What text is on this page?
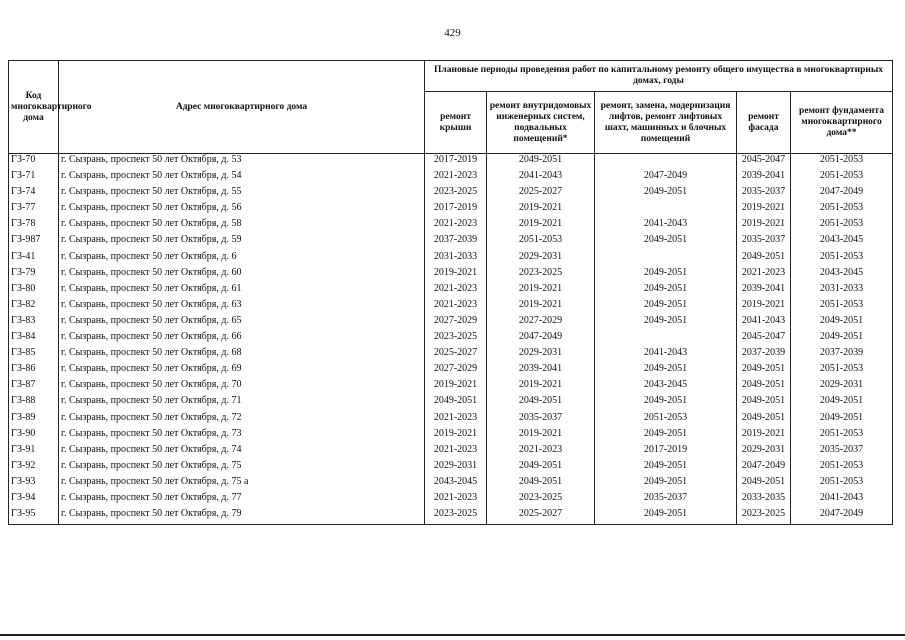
429
Код многоквартирного дома	Адрес многоквартирного дома	Плановые периоды проведения работ по капитальному ремонту общего имущества в многоквартирных домах, годы				
		ремонт крыши	ремонт внутридомовых инженерных систем, подвальных помещений*	ремонт, замена, модернизация лифтов, ремонт лифтовых шахт, машинных и блочных помещений	ремонт фасада	ремонт фундамента многоквартирного дома**
ГЗ-70	г. Сызрань, проспект 50 лет Октября, д. 53	2017-2019	2049-2051		2045-2047	2051-2053
ГЗ-71	г. Сызрань, проспект 50 лет Октября, д. 54	2021-2023	2041-2043	2047-2049	2039-2041	2051-2053
ГЗ-74	г. Сызрань, проспект 50 лет Октября, д. 55	2023-2025	2025-2027	2049-2051	2035-2037	2047-2049
ГЗ-77	г. Сызрань, проспект 50 лет Октября, д. 56	2017-2019	2019-2021		2019-2021	2051-2053
ГЗ-78	г. Сызрань, проспект 50 лет Октября, д. 58	2021-2023	2019-2021	2041-2043	2019-2021	2051-2053
ГЗ-987	г. Сызрань, проспект 50 лет Октября, д. 59	2037-2039	2051-2053	2049-2051	2035-2037	2043-2045
ГЗ-41	г. Сызрань, проспект 50 лет Октября, д. 6	2031-2033	2029-2031		2049-2051	2051-2053
ГЗ-79	г. Сызрань, проспект 50 лет Октября, д. 60	2019-2021	2023-2025	2049-2051	2021-2023	2043-2045
ГЗ-80	г. Сызрань, проспект 50 лет Октября, д. 61	2021-2023	2019-2021	2049-2051	2039-2041	2031-2033
ГЗ-82	г. Сызрань, проспект 50 лет Октября, д. 63	2021-2023	2019-2021	2049-2051	2019-2021	2051-2053
ГЗ-83	г. Сызрань, проспект 50 лет Октября, д. 65	2027-2029	2027-2029	2049-2051	2041-2043	2049-2051
ГЗ-84	г. Сызрань, проспект 50 лет Октября, д. 66	2023-2025	2047-2049		2045-2047	2049-2051
ГЗ-85	г. Сызрань, проспект 50 лет Октября, д. 68	2025-2027	2029-2031	2041-2043	2037-2039	2037-2039
ГЗ-86	г. Сызрань, проспект 50 лет Октября, д. 69	2027-2029	2039-2041	2049-2051	2049-2051	2051-2053
ГЗ-87	г. Сызрань, проспект 50 лет Октября, д. 70	2019-2021	2019-2021	2043-2045	2049-2051	2029-2031
ГЗ-88	г. Сызрань, проспект 50 лет Октября, д. 71	2049-2051	2049-2051	2049-2051	2049-2051	2049-2051
ГЗ-89	г. Сызрань, проспект 50 лет Октября, д. 72	2021-2023	2035-2037	2051-2053	2049-2051	2049-2051
ГЗ-90	г. Сызрань, проспект 50 лет Октября, д. 73	2019-2021	2019-2021	2049-2051	2019-2021	2051-2053
ГЗ-91	г. Сызрань, проспект 50 лет Октября, д. 74	2021-2023	2021-2023	2017-2019	2029-2031	2035-2037
ГЗ-92	г. Сызрань, проспект 50 лет Октября, д. 75	2029-2031	2049-2051	2049-2051	2047-2049	2051-2053
ГЗ-93	г. Сызрань, проспект 50 лет Октября, д. 75 а	2043-2045	2049-2051	2049-2051	2049-2051	2051-2053
ГЗ-94	г. Сызрань, проспект 50 лет Октября, д. 77	2021-2023	2023-2025	2035-2037	2033-2035	2041-2043
ГЗ-95	г. Сызрань, проспект 50 лет Октября, д. 79	2023-2025	2025-2027	2049-2051	2023-2025	2047-2049
